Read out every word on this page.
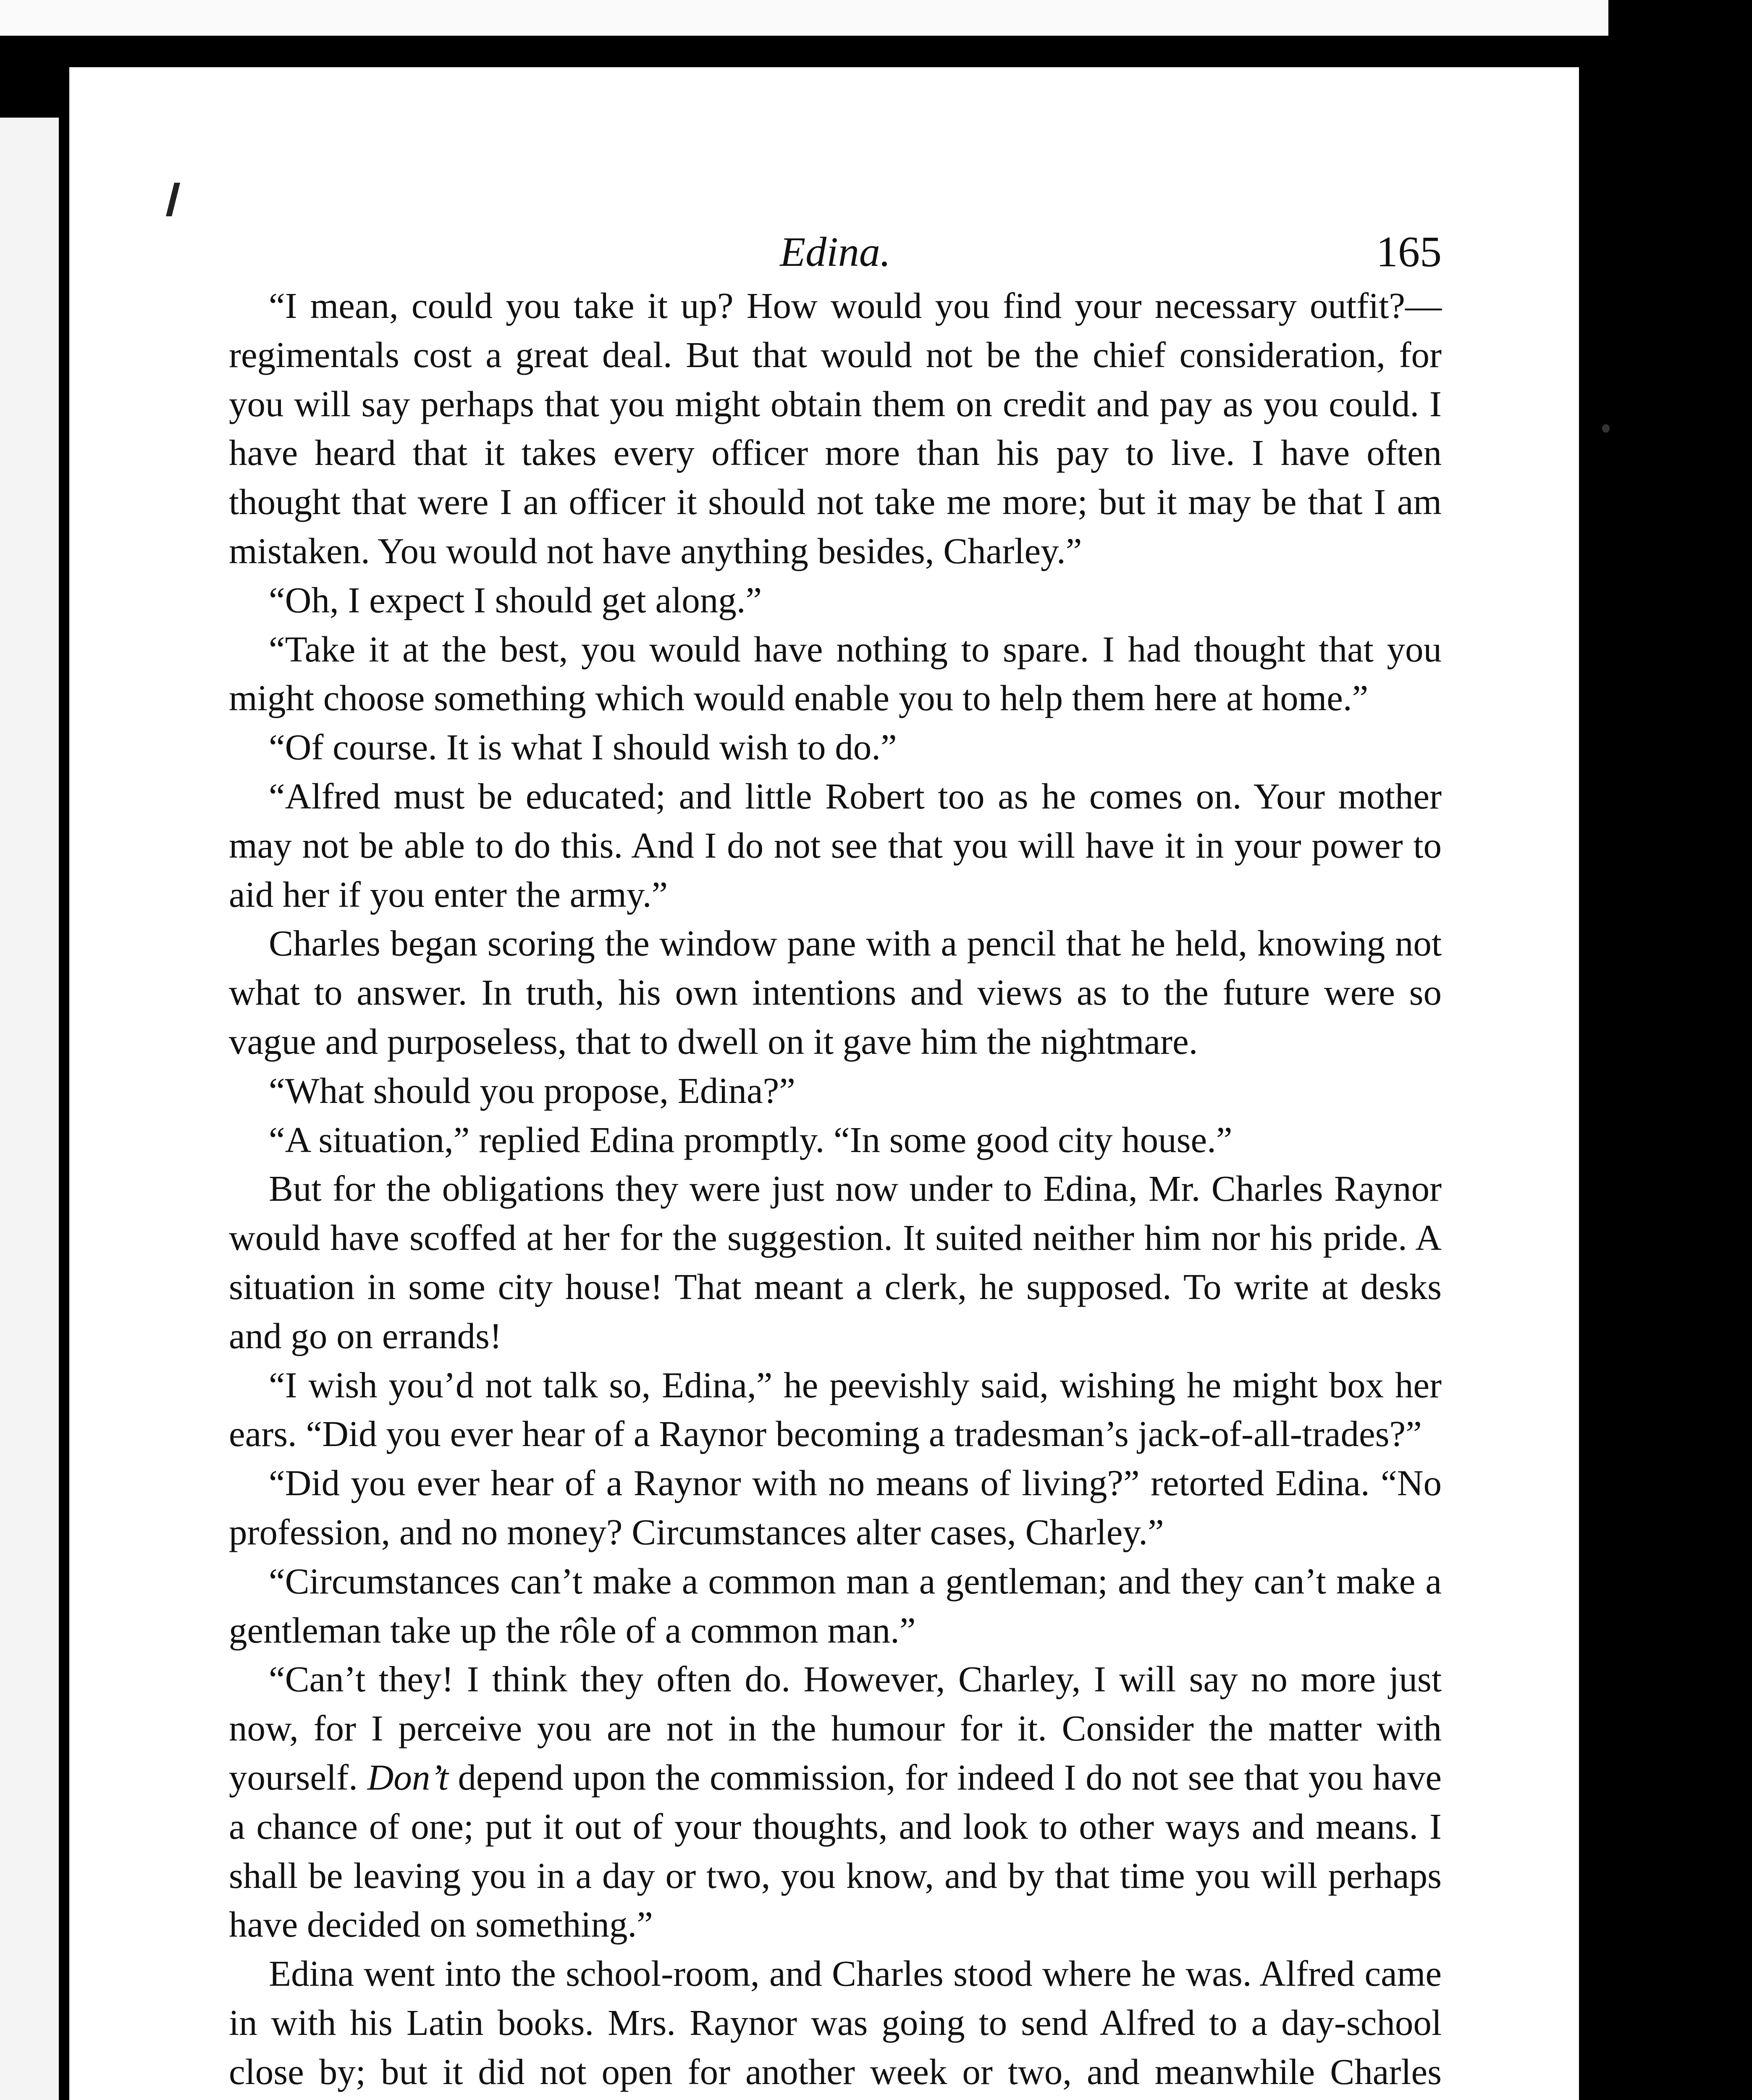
Edina.	165

“I mean, could you take it up? How would you find your necessary outfit?—regimentals cost a great deal. But that would not be the chief consideration, for you will say perhaps that you might obtain them on credit and pay as you could. I have heard that it takes every officer more than his pay to live. I have often thought that were I an officer it should not take me more; but it may be that I am mistaken. You would not have anything besides, Charley.”

“Oh, I expect I should get along.”

“Take it at the best, you would have nothing to spare. I had thought that you might choose something which would enable you to help them here at home.”

“Of course. It is what I should wish to do.”

“Alfred must be educated; and little Robert too as he comes on. Your mother may not be able to do this. And I do not see that you will have it in your power to aid her if you enter the army.”

Charles began scoring the window pane with a pencil that he held, knowing not what to answer. In truth, his own intentions and views as to the future were so vague and purposeless, that to dwell on it gave him the nightmare.

“What should you propose, Edina?”

“A situation,” replied Edina promptly. “In some good city house.”

But for the obligations they were just now under to Edina, Mr. Charles Raynor would have scoffed at her for the suggestion. It suited neither him nor his pride. A situation in some city house! That meant a clerk, he supposed. To write at desks and go on errands!

“I wish you’d not talk so, Edina,” he peevishly said, wishing he might box her ears. “Did you ever hear of a Raynor becoming a tradesman’s jack-of-all-trades?”

“Did you ever hear of a Raynor with no means of living?” retorted Edina. “No profession, and no money? Circumstances alter cases, Charley.”

“Circumstances can’t make a common man a gentleman; and they can’t make a gentleman take up the rôle of a common man.”

“Can’t they! I think they often do. However, Charley, I will say no more just now, for I perceive you are not in the humour for it. Consider the matter with yourself. Don’t depend upon the commission, for indeed I do not see that you have a chance of one; put it out of your thoughts, and look to other ways and means. I shall be leaving you in a day or two, you know, and by that time you will perhaps have decided on something.”

Edina went into the school-room, and Charles stood where he was. Alfred came in with his Latin books. Mrs. Raynor was going to send Alfred to a day-school close by; but it did not open for another week or two, and meanwhile Charles
